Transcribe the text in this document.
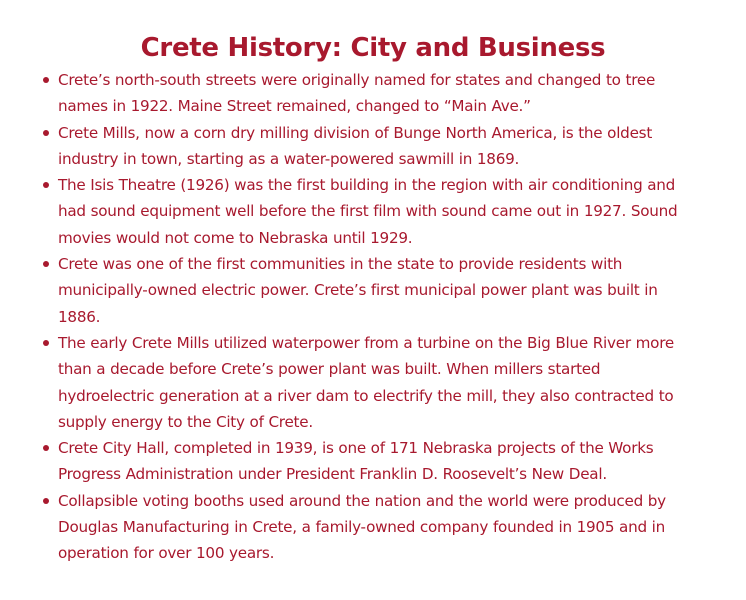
Crete History: City and Business
Crete’s north-south streets were originally named for states and changed to tree names in 1922. Maine Street remained, changed to “Main Ave.”
Crete Mills, now a corn dry milling division of Bunge North America, is the oldest industry in town, starting as a water-powered sawmill in 1869.
The Isis Theatre (1926) was the first building in the region with air conditioning and had sound equipment well before the first film with sound came out in 1927. Sound movies would not come to Nebraska until 1929.
Crete was one of the first communities in the state to provide residents with municipally-owned electric power. Crete’s first municipal power plant was built in 1886.
The early Crete Mills utilized waterpower from a turbine on the Big Blue River more than a decade before Crete’s power plant was built. When millers started hydroelectric generation at a river dam to electrify the mill, they also contracted to supply energy to the City of Crete.
Crete City Hall, completed in 1939, is one of 171 Nebraska projects of the Works Progress Administration under President Franklin D. Roosevelt’s New Deal.
Collapsible voting booths used around the nation and the world were produced by Douglas Manufacturing in Crete, a family-owned company founded in 1905 and in operation for over 100 years.
